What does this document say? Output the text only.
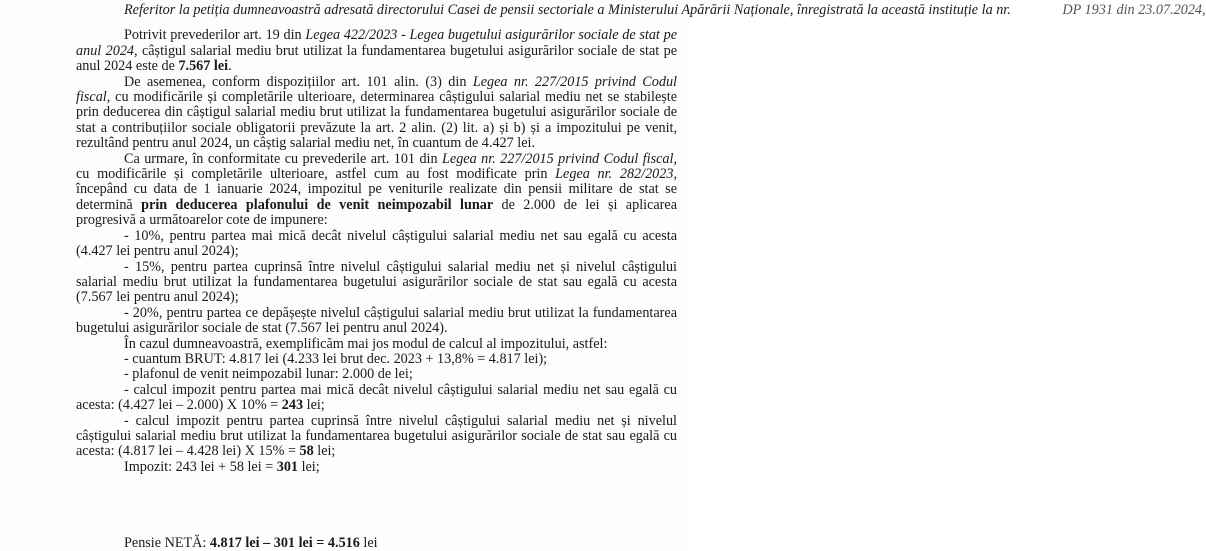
Referitor la petiția dumneavoastră adresată directorului Casei de pensii sectoriale a Ministerului Apărării Naționale, înregistrată la această instituție la nr.	DP 1931 din 23.07.2024,

Potrivit prevederilor art. 19 din Legea 422/2023 - Legea bugetului asigurărilor sociale de stat pe anul 2024, câștigul salarial mediu brut utilizat la fundamentarea bugetului asigurărilor sociale de stat pe anul 2024 este de 7.567 lei.

De asemenea, conform dispozițiilor art. 101 alin. (3) din Legea nr. 227/2015 privind Codul fiscal, cu modificările și completările ulterioare, determinarea câștigului salarial mediu net se stabilește prin deducerea din câștigul salarial mediu brut utilizat la fundamentarea bugetului asigurărilor sociale de stat a contribuțiilor sociale obligatorii prevăzute la art. 2 alin. (2) lit. a) și b) și a impozitului pe venit, rezultând pentru anul 2024, un câștig salarial mediu net, în cuantum de 4.427 lei.

Ca urmare, în conformitate cu prevederile art. 101 din Legea nr. 227/2015 privind Codul fiscal, cu modificările și completările ulterioare, astfel cum au fost modificate prin Legea nr. 282/2023, începând cu data de 1 ianuarie 2024, impozitul pe veniturile realizate din pensii militare de stat se determină prin deducerea plafonului de venit neimpozabil lunar de 2.000 de lei și aplicarea progresivă a următoarelor cote de impunere:

- 10%, pentru partea mai mică decât nivelul câștigului salarial mediu net sau egală cu acesta (4.427 lei pentru anul 2024);

- 15%, pentru partea cuprinsă între nivelul câștigului salarial mediu net și nivelul câștigului salarial mediu brut utilizat la fundamentarea bugetului asigurărilor sociale de stat sau egală cu acesta (7.567 lei pentru anul 2024);

- 20%, pentru partea ce depășește nivelul câștigului salarial mediu brut utilizat la fundamentarea bugetului asigurărilor sociale de stat (7.567 lei pentru anul 2024).

În cazul dumneavoastră, exemplificăm mai jos modul de calcul al impozitului, astfel:

- cuantum BRUT: 4.817 lei (4.233 lei brut dec. 2023 + 13,8% = 4.817 lei);

- plafonul de venit neimpozabil lunar: 2.000 de lei;

- calcul impozit pentru partea mai mică decât nivelul câștigului salarial mediu net sau egală cu acesta: (4.427 lei – 2.000) X 10% = 243 lei;

- calcul impozit pentru partea cuprinsă între nivelul câștigului salarial mediu net și nivelul câștigului salarial mediu brut utilizat la fundamentarea bugetului asigurărilor sociale de stat sau egală cu acesta: (4.817 lei – 4.428 lei) X 15% = 58 lei;

Impozit: 243 lei + 58 lei = 301 lei;

Pensie NETĂ: 4.817 lei – 301 lei = 4.516 lei
